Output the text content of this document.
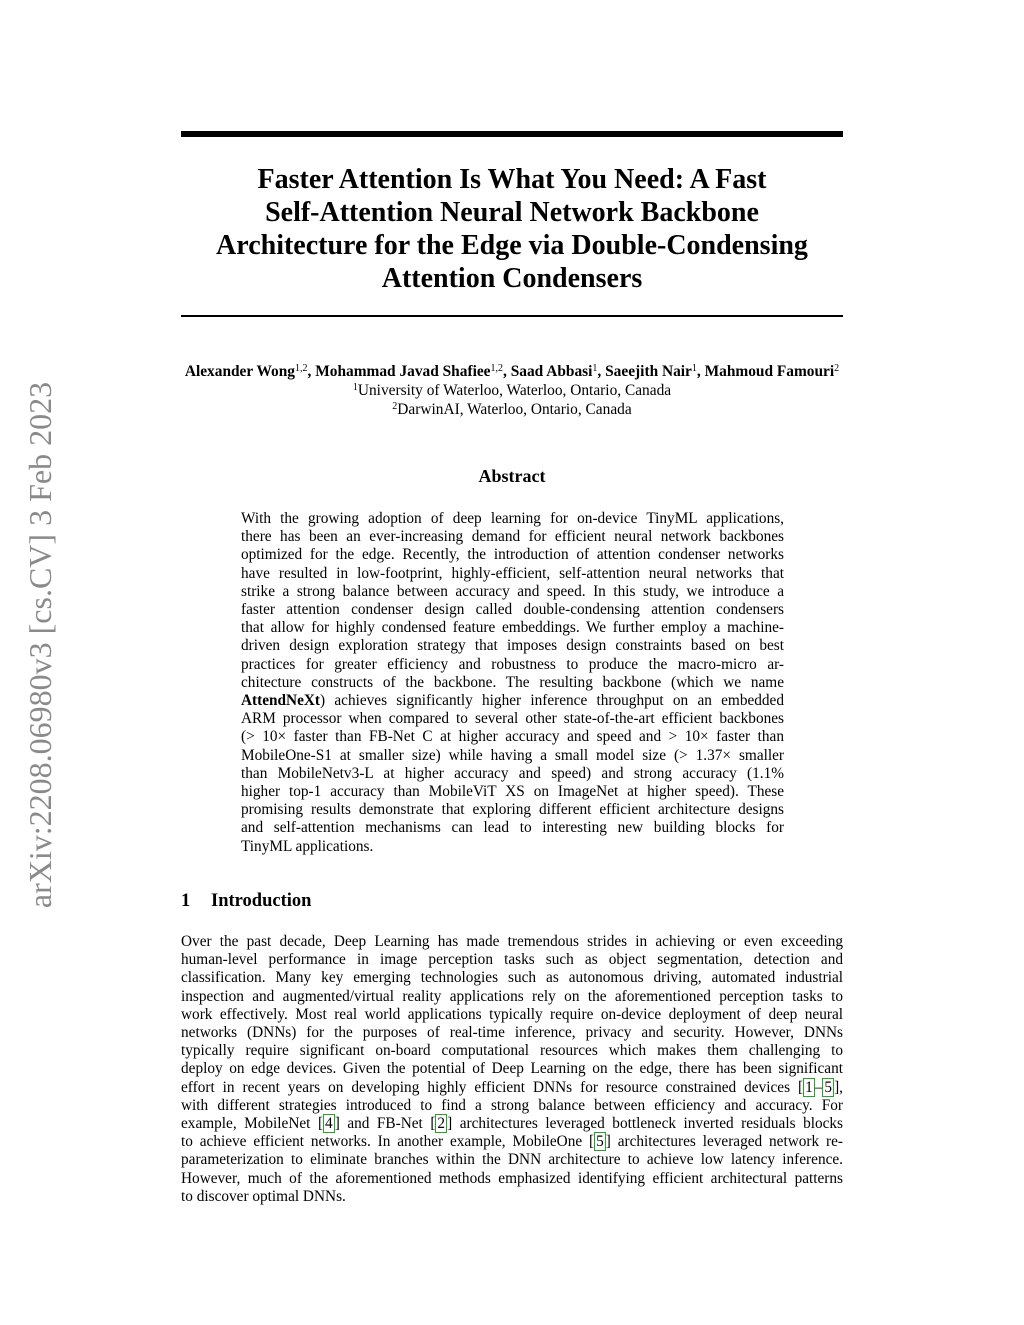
arXiv:2208.06980v3 [cs.CV] 3 Feb 2023
Faster Attention Is What You Need: A Fast
Self-Attention Neural Network Backbone
Architecture for the Edge via Double-Condensing
Attention Condensers
Alexander Wong$^{1,2}$, Mohammad Javad Shafiee$^{1,2}$, Saad Abbasi$^1$, Saeejith Nair$^1$, Mahmoud Famouri$^2$
$^1$University of Waterloo, Waterloo, Ontario, Canada
$^2$DarwinAI, Waterloo, Ontario, Canada
Abstract
With the growing adoption of deep learning for on-device TinyML applications,
there has been an ever-increasing demand for efficient neural network backbones
optimized for the edge. Recently, the introduction of attention condenser networks
have resulted in low-footprint, highly-efficient, self-attention neural networks that
strike a strong balance between accuracy and speed. In this study, we introduce a
faster attention condenser design called double-condensing attention condensers
that allow for highly condensed feature embeddings. We further employ a machine-
driven design exploration strategy that imposes design constraints based on best
practices for greater efficiency and robustness to produce the macro-micro ar-
chitecture constructs of the backbone. The resulting backbone (which we name
AttendNeXt) achieves significantly higher inference throughput on an embedded
ARM processor when compared to several other state-of-the-art efficient backbones
(> 10× faster than FB-Net C at higher accuracy and speed and > 10× faster than
MobileOne-S1 at smaller size) while having a small model size (> 1.37× smaller
than MobileNetv3-L at higher accuracy and speed) and strong accuracy (1.1%
higher top-1 accuracy than MobileViT XS on ImageNet at higher speed). These
promising results demonstrate that exploring different efficient architecture designs
and self-attention mechanisms can lead to interesting new building blocks for
TinyML applications.
1 Introduction
Over the past decade, Deep Learning has made tremendous strides in achieving or even exceeding
human-level performance in image perception tasks such as object segmentation, detection and
classification. Many key emerging technologies such as autonomous driving, automated industrial
inspection and augmented/virtual reality applications rely on the aforementioned perception tasks to
work effectively. Most real world applications typically require on-device deployment of deep neural
networks (DNNs) for the purposes of real-time inference, privacy and security. However, DNNs
typically require significant on-board computational resources which makes them challenging to
deploy on edge devices. Given the potential of Deep Learning on the edge, there has been significant
effort in recent years on developing highly efficient DNNs for resource constrained devices [ 1 – 5 ],
with different strategies introduced to find a strong balance between efficiency and accuracy. For
example, MobileNet [ 4 ] and FB-Net [ 2 ] architectures leveraged bottleneck inverted residuals blocks
to achieve efficient networks. In another example, MobileOne [ 5 ] architectures leveraged network re-
parameterization to eliminate branches within the DNN architecture to achieve low latency inference.
However, much of the aforementioned methods emphasized identifying efficient architectural patterns
to discover optimal DNNs.
